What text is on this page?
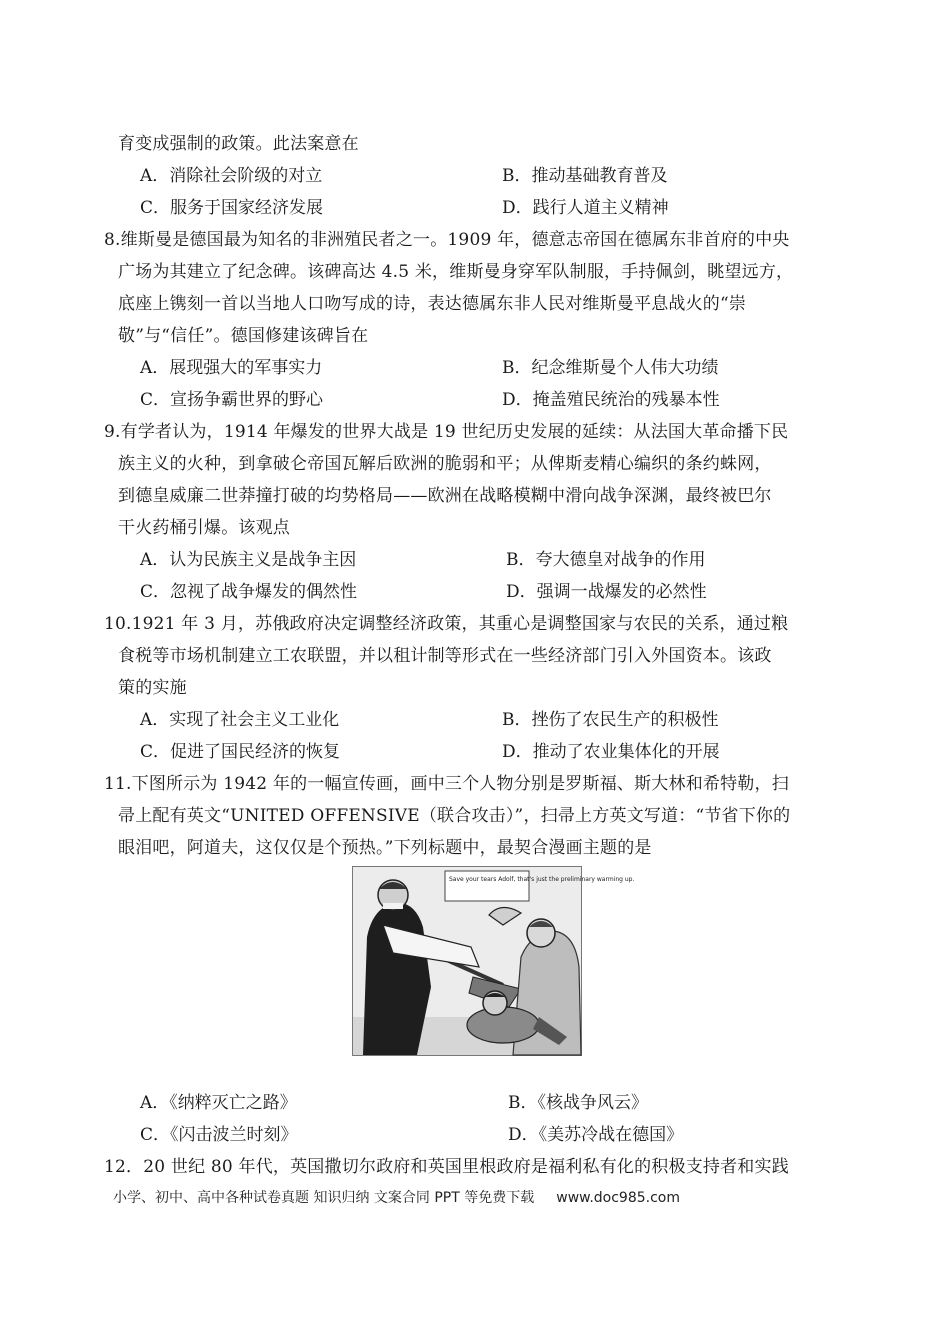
育变成强制的政策。此法案意在
A．消除社会阶级的对立	B．推动基础教育普及
C．服务于国家经济发展	D．践行人道主义精神
8.维斯曼是德国最为知名的非洲殖民者之一。1909 年，德意志帝国在德属东非首府的中央
广场为其建立了纪念碑。该碑高达 4.5 米，维斯曼身穿军队制服，手持佩剑，眺望远方，
底座上镌刻一首以当地人口吻写成的诗，表达德属东非人民对维斯曼平息战火的“崇
敬”与“信任”。德国修建该碑旨在
A．展现强大的军事实力	B．纪念维斯曼个人伟大功绩
C．宣扬争霸世界的野心	D．掩盖殖民统治的残暴本性
9.有学者认为，1914 年爆发的世界大战是 19 世纪历史发展的延续：从法国大革命播下民
族主义的火种，到拿破仑帝国瓦解后欧洲的脆弱和平；从俾斯麦精心编织的条约蛛网，
到德皇威廉二世莽撞打破的均势格局——欧洲在战略模糊中滑向战争深渊，最终被巴尔
干火药桶引爆。该观点
A．认为民族主义是战争主因	B．夸大德皇对战争的作用
C．忽视了战争爆发的偶然性	D．强调一战爆发的必然性
10.1921 年 3 月，苏俄政府决定调整经济政策，其重心是调整国家与农民的关系，通过粮
食税等市场机制建立工农联盟，并以租计制等形式在一些经济部门引入外国资本。该政
策的实施
A．实现了社会主义工业化	B．挫伤了农民生产的积极性
C．促进了国民经济的恢复	D．推动了农业集体化的开展
11.下图所示为 1942 年的一幅宣传画，画中三个人物分别是罗斯福、斯大林和希特勒，扫
帚上配有英文“UNITED OFFENSIVE（联合攻击）”，扫帚上方英文写道：“节省下你的
眼泪吧，阿道夫，这仅仅是个预热。”下列标题中，最契合漫画主题的是
Save your tears Adolf, that's just the preliminary warming up.
A．《纳粹灭亡之路》	B．《核战争风云》
C．《闪击波兰时刻》	D．《美苏冷战在德国》
12．20 世纪 80 年代，英国撒切尔政府和英国里根政府是福利私有化的积极支持者和实践
小学、初中、高中各种试卷真题 知识归纳 文案合同 PPT 等免费下载 www.doc985.com
